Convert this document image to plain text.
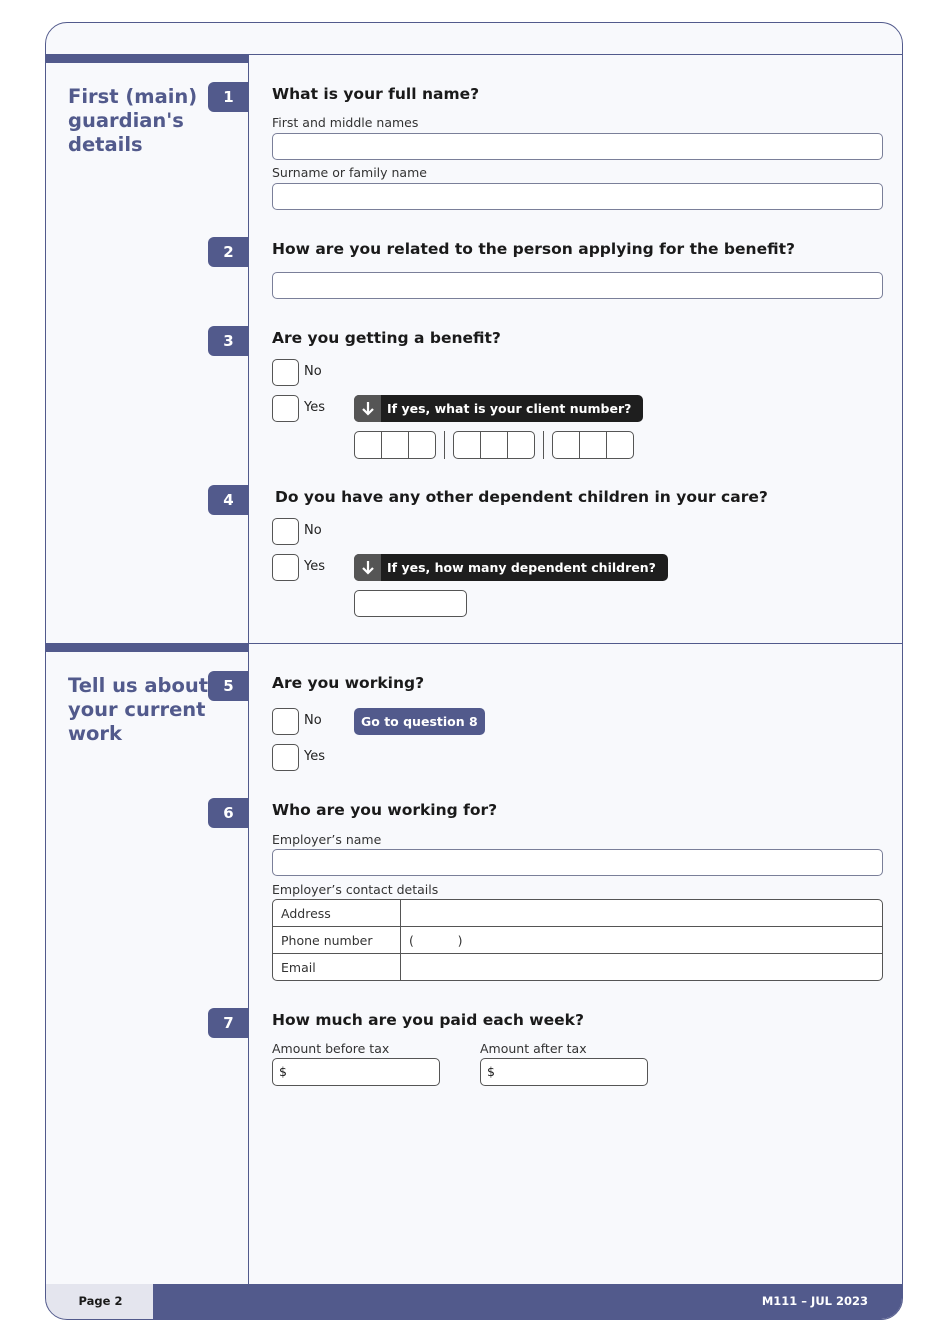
First (main) guardian's details
1	What is your full name?
First and middle names
Surname or family name
2	How are you related to the person applying for the benefit?
3	Are you getting a benefit?
No
Yes	If yes, what is your client number?
4	Do you have any other dependent children in your care?
No
Yes	If yes, how many dependent children?
Tell us about your current work
5	Are you working?
No	Go to question 8
Yes
6	Who are you working for?
Employer’s name
Employer’s contact details
Address	
Phone number	(           )
Email	
7	How much are you paid each week?
Amount before tax
$
Amount after tax
$
Page 2	M111 – JUL 2023
